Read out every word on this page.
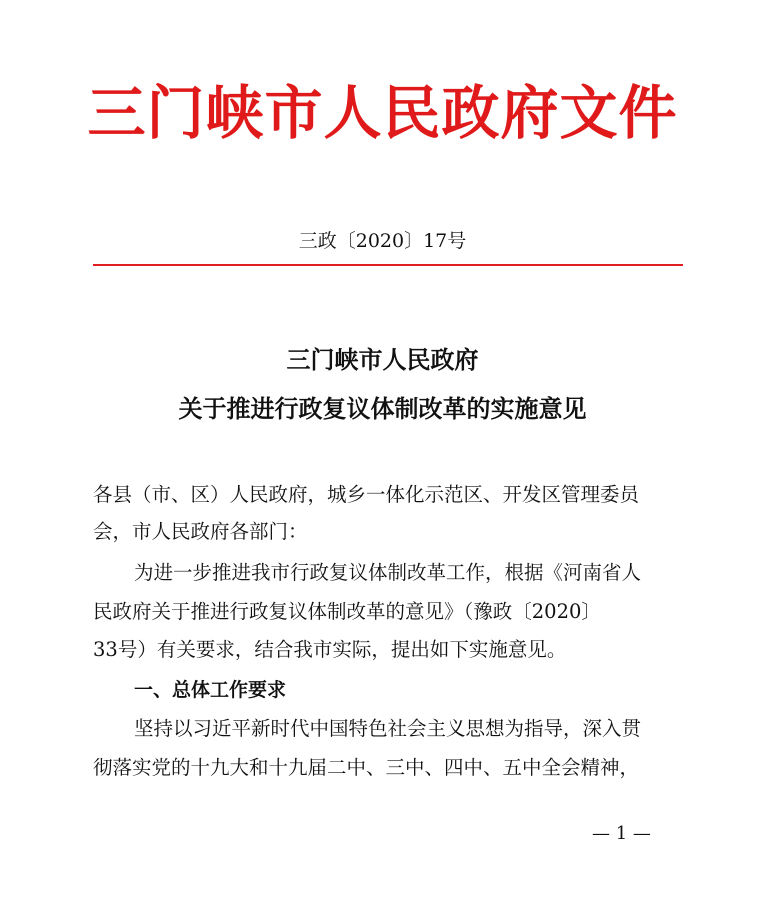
三门峡市人民政府文件
三政〔2020〕17号
三门峡市人民政府
关于推进行政复议体制改革的实施意见
各县（市、区）人民政府，城乡一体化示范区、开发区管理委员
会，市人民政府各部门：
为进一步推进我市行政复议体制改革工作，根据《河南省人
民政府关于推进行政复议体制改革的意见》（豫政〔2020〕
33号）有关要求，结合我市实际，提出如下实施意见。
一、总体工作要求
坚持以习近平新时代中国特色社会主义思想为指导，深入贯
彻落实党的十九大和十九届二中、三中、四中、五中全会精神，
— 1 —
